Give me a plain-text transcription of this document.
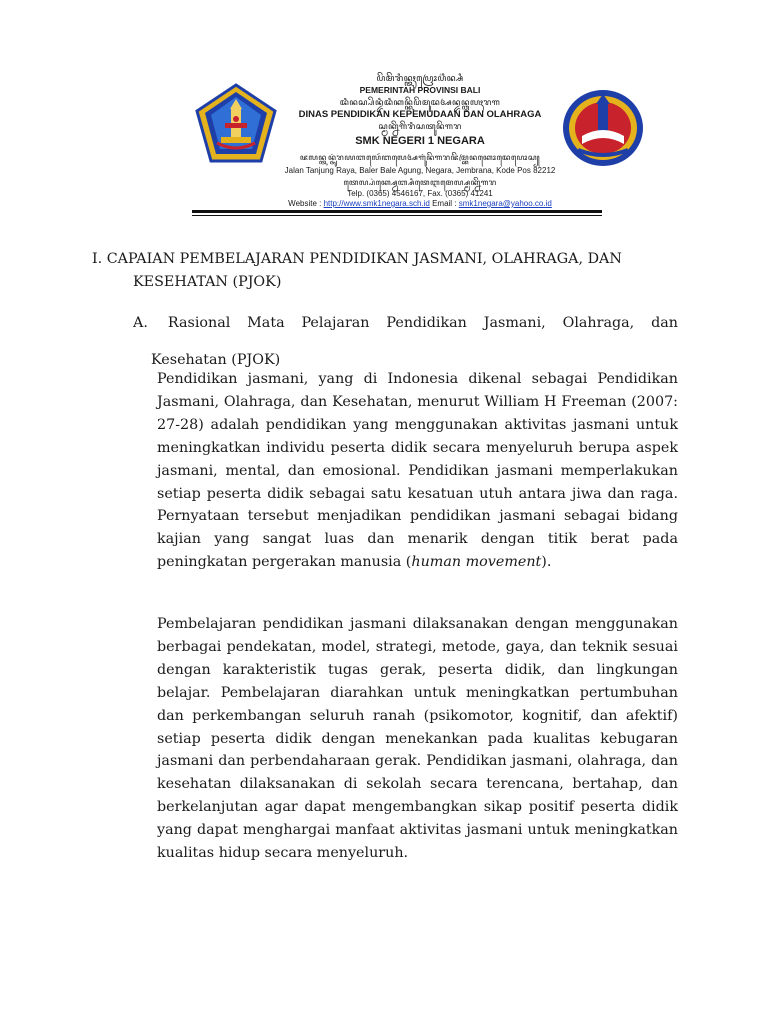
ꦥꦼꦩꦼꦫꦶꦤ꧀ꦠꦃꦥꦿꦺꦴꦥ꦳ꦶꦤ꧀ꦱꦶ
PEMERINTAH PROVINSI BALI
ꦢꦶꦤꦱ꧀ꦥꦼꦤ꧀ꦢꦶꦢꦶꦏꦤ꧀ꦏꦼꦥꦼꦩꦸꦢꦄꦤ꧀ꦢꦤ꧀ꦎꦭꦃꦫꦒ
DINAS PENDIDIKAN KEPEMUDAAN DAN OLAHRAGA
ꦱ꧀ꦩꦏ꧀ꦤꦼꦒꦼꦫꦶꦱꦠꦸꦤꦼꦒꦫ
SMK NEGERI 1 NEGARA
ꦗꦭꦤ꧀ꦠꦤ꧀ꦗꦸꦁꦫꦪꦧꦭꦺꦂꦧꦭꦺꦄꦒꦸꦁꦤꦼꦒꦫꦗꦼꦩ꧀ꦧꦿꦤꦏꦺꦴꦢꦺꦥꦺꦴꦱ꧀
Jalan Tanjung Raya, Baler Bale Agung, Negara, Jembrana, Kode Pos 82212
ꦠꦺꦭ꧀ꦥ꦳ꦏ꧀ꦱ꧀ꦮꦺꦧ꧀ꦱꦶꦠꦺꦆꦩꦺꦭ꧀ꦱ꧀ꦩꦏ꧀ꦤꦼꦒꦫ
Telp. (0365) 4546167, Fax. (0365) 41241
Website : http://www.smk1negara.sch.id Email : smk1negara@yahoo.co.id
I. CAPAIAN PEMBELAJARAN PENDIDIKAN JASMANI, OLAHRAGA, DAN
KESEHATAN (PJOK)
A. Rasional Mata Pelajaran Pendidikan Jasmani, Olahraga, dan
Kesehatan (PJOK)

Pendidikan jasmani, yang di Indonesia dikenal sebagai Pendidikan Jasmani, Olahraga, dan Kesehatan, menurut William H Freeman (2007: 27-28) adalah pendidikan yang menggunakan aktivitas jasmani untuk meningkatkan individu peserta didik secara menyeluruh berupa aspek jasmani, mental, dan emosional. Pendidikan jasmani memperlakukan setiap peserta didik sebagai satu kesatuan utuh antara jiwa dan raga. Pernyataan tersebut menjadikan pendidikan jasmani sebagai bidang kajian yang sangat luas dan menarik dengan titik berat pada peningkatan pergerakan manusia (human movement).

Pembelajaran pendidikan jasmani dilaksanakan dengan menggunakan berbagai pendekatan, model, strategi, metode, gaya, dan teknik sesuai dengan karakteristik tugas gerak, peserta didik, dan lingkungan belajar. Pembelajaran diarahkan untuk meningkatkan pertumbuhan dan perkembangan seluruh ranah (psikomotor, kognitif, dan afektif) setiap peserta didik dengan menekankan pada kualitas kebugaran jasmani dan perbendaharaan gerak. Pendidikan jasmani, olahraga, dan kesehatan dilaksanakan di sekolah secara terencana, bertahap, dan berkelanjutan agar dapat mengembangkan sikap positif peserta didik yang dapat menghargai manfaat aktivitas jasmani untuk meningkatkan kualitas hidup secara menyeluruh.
